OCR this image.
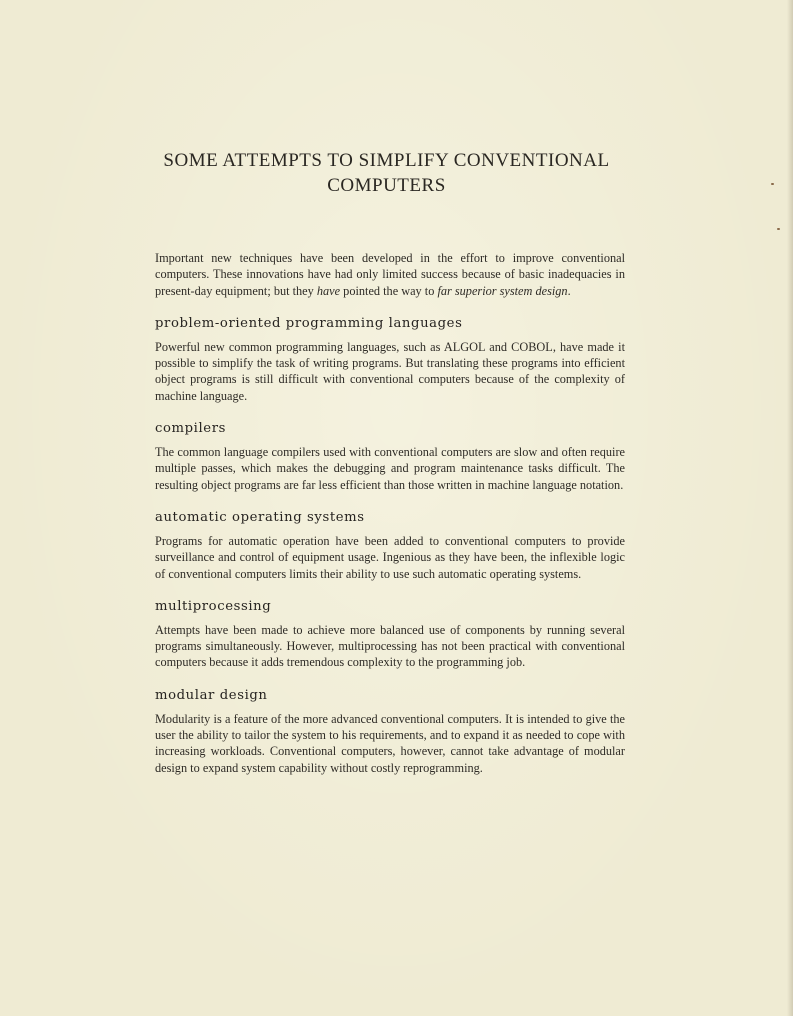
SOME ATTEMPTS TO SIMPLIFY CONVENTIONAL
COMPUTERS

Important new techniques have been developed in the effort to improve conventional computers. These innovations have had only limited success because of basic inadequacies in present-day equipment; but they have pointed the way to far superior system design.

problem-oriented programming languages

Powerful new common programming languages, such as ALGOL and COBOL, have made it possible to simplify the task of writing programs. But translating these programs into efficient object programs is still difficult with conventional computers because of the complexity of machine language.

compilers

The common language compilers used with conventional computers are slow and often require multiple passes, which makes the debugging and program maintenance tasks difficult. The resulting object programs are far less efficient than those written in machine language notation.

automatic operating systems

Programs for automatic operation have been added to conventional computers to provide surveillance and control of equipment usage. Ingenious as they have been, the inflexible logic of conventional computers limits their ability to use such automatic operating systems.

multiprocessing

Attempts have been made to achieve more balanced use of components by running several programs simultaneously. However, multiprocessing has not been practical with conventional computers because it adds tremendous complexity to the programming job.

modular design

Modularity is a feature of the more advanced conventional computers. It is intended to give the user the ability to tailor the system to his requirements, and to expand it as needed to cope with increasing workloads. Conventional computers, however, cannot take advantage of modular design to expand system capability without costly reprogramming.
